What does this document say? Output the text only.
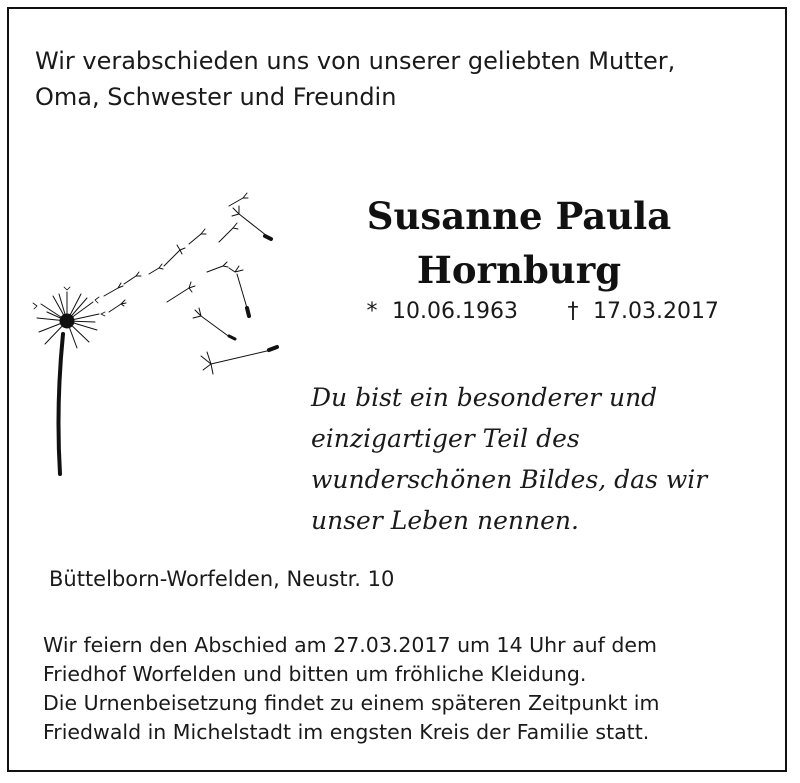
Wir verabschieden uns von unserer geliebten Mutter,
Oma, Schwester und Freundin
Susanne Paula
Hornburg
* 10.06.1963 † 17.03.2017
Du bist ein besonderer und
einzigartiger Teil des
wunderschönen Bildes, das wir
unser Leben nennen.
Büttelborn-Worfelden, Neustr. 10
Wir feiern den Abschied am 27.03.2017 um 14 Uhr auf dem
Friedhof Worfelden und bitten um fröhliche Kleidung.
Die Urnenbeisetzung findet zu einem späteren Zeitpunkt im
Friedwald in Michelstadt im engsten Kreis der Familie statt.
